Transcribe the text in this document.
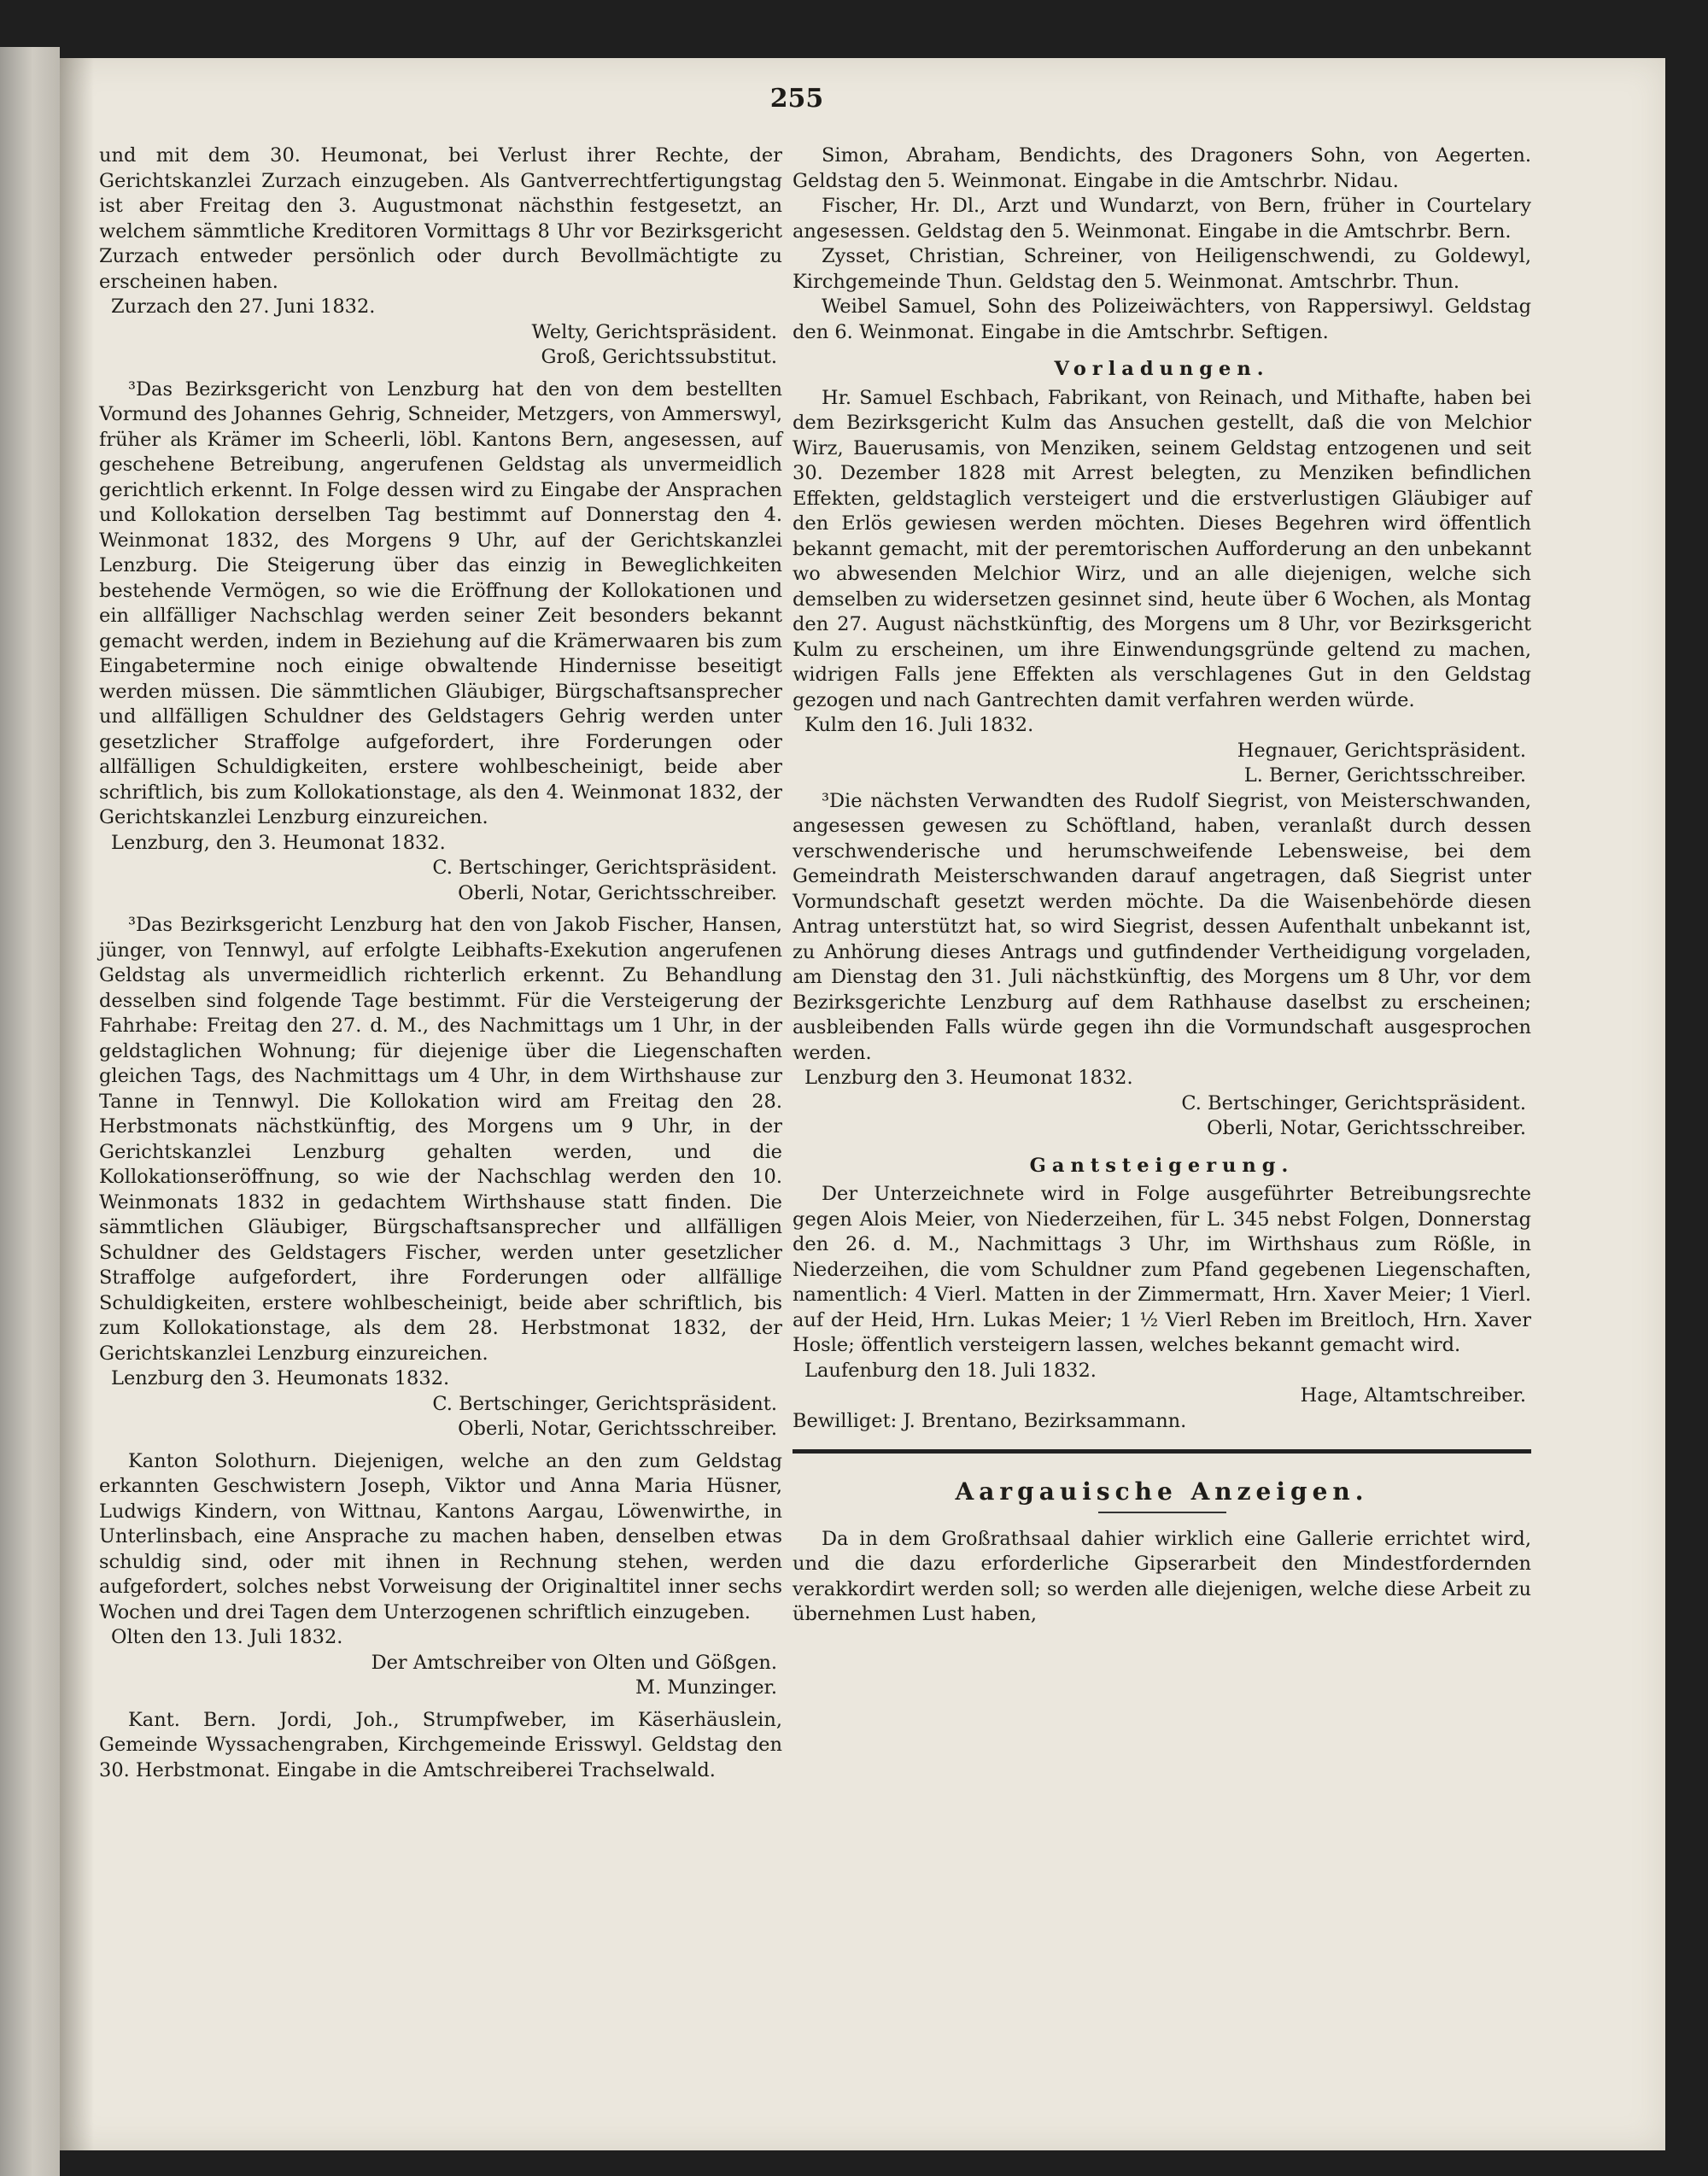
255

und mit dem 30. Heumonat, bei Verlust ihrer Rechte, der Gerichtskanzlei Zurzach einzugeben. Als Gantverrechtfertigungstag ist aber Freitag den 3. Augustmonat nächsthin festgesetzt, an welchem sämmtliche Kreditoren Vormittags 8 Uhr vor Bezirksgericht Zurzach entweder persönlich oder durch Bevollmächtigte zu erscheinen haben.

Zurzach den 27. Juni 1832.

Welty, Gerichtspräsident.

Groß, Gerichtssubstitut.

³Das Bezirksgericht von Lenzburg hat den von dem bestellten Vormund des Johannes Gehrig, Schneider, Metzgers, von Ammerswyl, früher als Krämer im Scheerli, löbl. Kantons Bern, angesessen, auf geschehene Betreibung, angerufenen Geldstag als unvermeidlich gerichtlich erkennt. In Folge dessen wird zu Eingabe der Ansprachen und Kollokation derselben Tag bestimmt auf Donnerstag den 4. Weinmonat 1832, des Morgens 9 Uhr, auf der Gerichtskanzlei Lenzburg. Die Steigerung über das einzig in Beweglichkeiten bestehende Vermögen, so wie die Eröffnung der Kollokationen und ein allfälliger Nachschlag werden seiner Zeit besonders bekannt gemacht werden, indem in Beziehung auf die Krämerwaaren bis zum Eingabetermine noch einige obwaltende Hindernisse beseitigt werden müssen. Die sämmtlichen Gläubiger, Bürgschaftsansprecher und allfälligen Schuldner des Geldstagers Gehrig werden unter gesetzlicher Straffolge aufgefordert, ihre Forderungen oder allfälligen Schuldigkeiten, erstere wohlbescheinigt, beide aber schriftlich, bis zum Kollokationstage, als den 4. Weinmonat 1832, der Gerichtskanzlei Lenzburg einzureichen.

Lenzburg, den 3. Heumonat 1832.

C. Bertschinger, Gerichtspräsident.

Oberli, Notar, Gerichtsschreiber.

³Das Bezirksgericht Lenzburg hat den von Jakob Fischer, Hansen, jünger, von Tennwyl, auf erfolgte Leibhafts-Exekution angerufenen Geldstag als unvermeidlich richterlich erkennt. Zu Behandlung desselben sind folgende Tage bestimmt. Für die Versteigerung der Fahrhabe: Freitag den 27. d. M., des Nachmittags um 1 Uhr, in der geldstaglichen Wohnung; für diejenige über die Liegenschaften gleichen Tags, des Nachmittags um 4 Uhr, in dem Wirthshause zur Tanne in Tennwyl. Die Kollokation wird am Freitag den 28. Herbstmonats nächstkünftig, des Morgens um 9 Uhr, in der Gerichtskanzlei Lenzburg gehalten werden, und die Kollokationseröffnung, so wie der Nachschlag werden den 10. Weinmonats 1832 in gedachtem Wirthshause statt finden. Die sämmtlichen Gläubiger, Bürgschaftsansprecher und allfälligen Schuldner des Geldstagers Fischer, werden unter gesetzlicher Straffolge aufgefordert, ihre Forderungen oder allfällige Schuldigkeiten, erstere wohlbescheinigt, beide aber schriftlich, bis zum Kollokationstage, als dem 28. Herbstmonat 1832, der Gerichtskanzlei Lenzburg einzureichen.

Lenzburg den 3. Heumonats 1832.

C. Bertschinger, Gerichtspräsident.

Oberli, Notar, Gerichtsschreiber.

Kanton Solothurn. Diejenigen, welche an den zum Geldstag erkannten Geschwistern Joseph, Viktor und Anna Maria Hüsner, Ludwigs Kindern, von Wittnau, Kantons Aargau, Löwenwirthe, in Unterlinsbach, eine Ansprache zu machen haben, denselben etwas schuldig sind, oder mit ihnen in Rechnung stehen, werden aufgefordert, solches nebst Vorweisung der Originaltitel inner sechs Wochen und drei Tagen dem Unterzogenen schriftlich einzugeben.

Olten den 13. Juli 1832.

Der Amtschreiber von Olten und Gößgen.

M. Munzinger.

Kant. Bern. Jordi, Joh., Strumpfweber, im Käserhäuslein, Gemeinde Wyssachengraben, Kirchgemeinde Erisswyl. Geldstag den 30. Herbstmonat. Eingabe in die Amtschreiberei Trachselwald.

Simon, Abraham, Bendichts, des Dragoners Sohn, von Aegerten. Geldstag den 5. Weinmonat. Eingabe in die Amtschrbr. Nidau.

Fischer, Hr. Dl., Arzt und Wundarzt, von Bern, früher in Courtelary angesessen. Geldstag den 5. Weinmonat. Eingabe in die Amtschrbr. Bern.

Zysset, Christian, Schreiner, von Heiligenschwendi, zu Goldewyl, Kirchgemeinde Thun. Geldstag den 5. Weinmonat. Amtschrbr. Thun.

Weibel Samuel, Sohn des Polizeiwächters, von Rappersiwyl. Geldstag den 6. Weinmonat. Eingabe in die Amtschrbr. Seftigen.

Vorladungen.

Hr. Samuel Eschbach, Fabrikant, von Reinach, und Mithafte, haben bei dem Bezirksgericht Kulm das Ansuchen gestellt, daß die von Melchior Wirz, Bauerusamis, von Menziken, seinem Geldstag entzogenen und seit 30. Dezember 1828 mit Arrest belegten, zu Menziken befindlichen Effekten, geldstaglich versteigert und die erstverlustigen Gläubiger auf den Erlös gewiesen werden möchten. Dieses Begehren wird öffentlich bekannt gemacht, mit der peremtorischen Aufforderung an den unbekannt wo abwesenden Melchior Wirz, und an alle diejenigen, welche sich demselben zu widersetzen gesinnet sind, heute über 6 Wochen, als Montag den 27. August nächstkünftig, des Morgens um 8 Uhr, vor Bezirksgericht Kulm zu erscheinen, um ihre Einwendungsgründe geltend zu machen, widrigen Falls jene Effekten als verschlagenes Gut in den Geldstag gezogen und nach Gantrechten damit verfahren werden würde.

Kulm den 16. Juli 1832.

Hegnauer, Gerichtspräsident.

L. Berner, Gerichtsschreiber.

³Die nächsten Verwandten des Rudolf Siegrist, von Meisterschwanden, angesessen gewesen zu Schöftland, haben, veranlaßt durch dessen verschwenderische und herumschweifende Lebensweise, bei dem Gemeindrath Meisterschwanden darauf angetragen, daß Siegrist unter Vormundschaft gesetzt werden möchte. Da die Waisenbehörde diesen Antrag unterstützt hat, so wird Siegrist, dessen Aufenthalt unbekannt ist, zu Anhörung dieses Antrags und gutfindender Vertheidigung vorgeladen, am Dienstag den 31. Juli nächstkünftig, des Morgens um 8 Uhr, vor dem Bezirksgerichte Lenzburg auf dem Rathhause daselbst zu erscheinen; ausbleibenden Falls würde gegen ihn die Vormundschaft ausgesprochen werden.

Lenzburg den 3. Heumonat 1832.

C. Bertschinger, Gerichtspräsident.

Oberli, Notar, Gerichtsschreiber.

Gantsteigerung.

Der Unterzeichnete wird in Folge ausgeführter Betreibungsrechte gegen Alois Meier, von Niederzeihen, für L. 345 nebst Folgen, Donnerstag den 26. d. M., Nachmittags 3 Uhr, im Wirthshaus zum Rößle, in Niederzeihen, die vom Schuldner zum Pfand gegebenen Liegenschaften, namentlich: 4 Vierl. Matten in der Zimmermatt, Hrn. Xaver Meier; 1 Vierl. auf der Heid, Hrn. Lukas Meier; 1 ½ Vierl Reben im Breitloch, Hrn. Xaver Hosle; öffentlich versteigern lassen, welches bekannt gemacht wird.

Laufenburg den 18. Juli 1832.

Hage, Altamtschreiber.

Bewilliget: J. Brentano, Bezirksammann.

Aargauische Anzeigen.

Da in dem Großrathsaal dahier wirklich eine Gallerie errichtet wird, und die dazu erforderliche Gipserarbeit den Mindestfordernden verakkordirt werden soll; so werden alle diejenigen, welche diese Arbeit zu übernehmen Lust haben,
